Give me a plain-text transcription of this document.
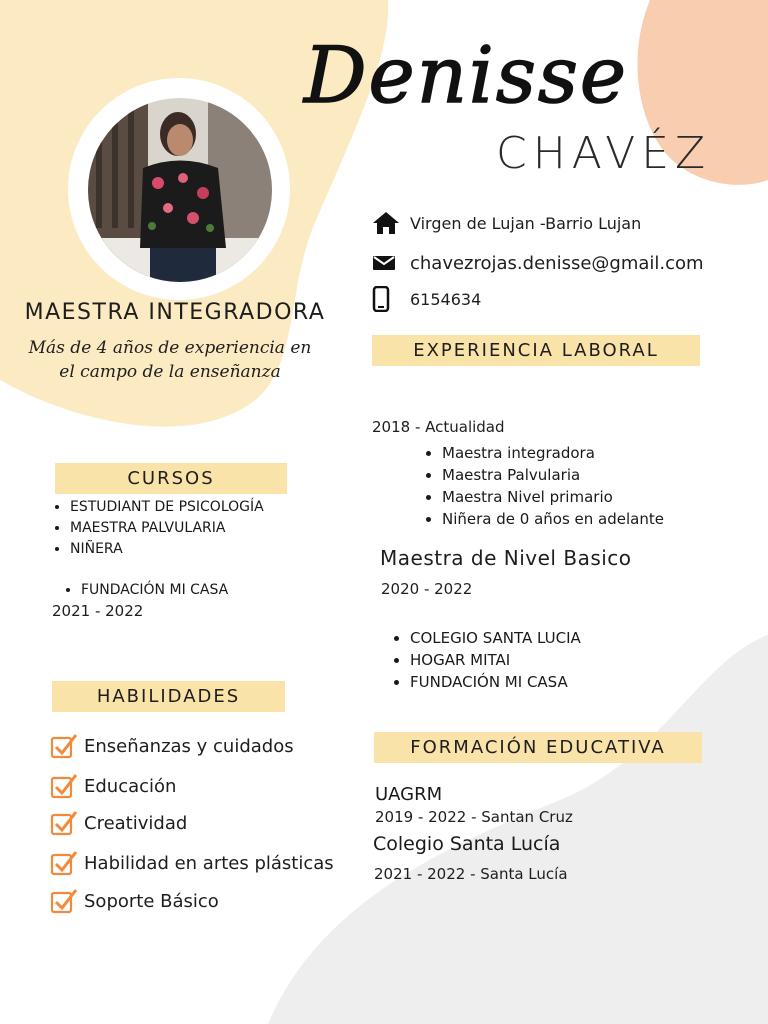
Denisse
CHAVÉZ
MAESTRA INTEGRADORA
Más de 4 años de experiencia en
el campo de la enseñanza
Virgen de Lujan -Barrio Lujan
chavezrojas.denisse@gmail.com
6154634
EXPERIENCIA LABORAL
2018 - Actualidad
• Maestra integradora
• Maestra Palvularia
• Maestra Nivel primario
• Niñera de 0 años en adelante
Maestra de Nivel Basico
2020 - 2022
• COLEGIO SANTA LUCIA
• HOGAR MITAI
• FUNDACIÓN MI CASA
FORMACIÓN EDUCATIVA
UAGRM
2019 - 2022 - Santan Cruz
Colegio Santa Lucía
2021 - 2022 - Santa Lucía
CURSOS
• ESTUDIANT DE PSICOLOGÍA
• MAESTRA PALVULARIA
• NIÑERA
• FUNDACIÓN MI CASA
2021 - 2022
HABILIDADES
Enseñanzas y cuidados
Educación
Creatividad
Habilidad en artes plásticas
Soporte Básico
